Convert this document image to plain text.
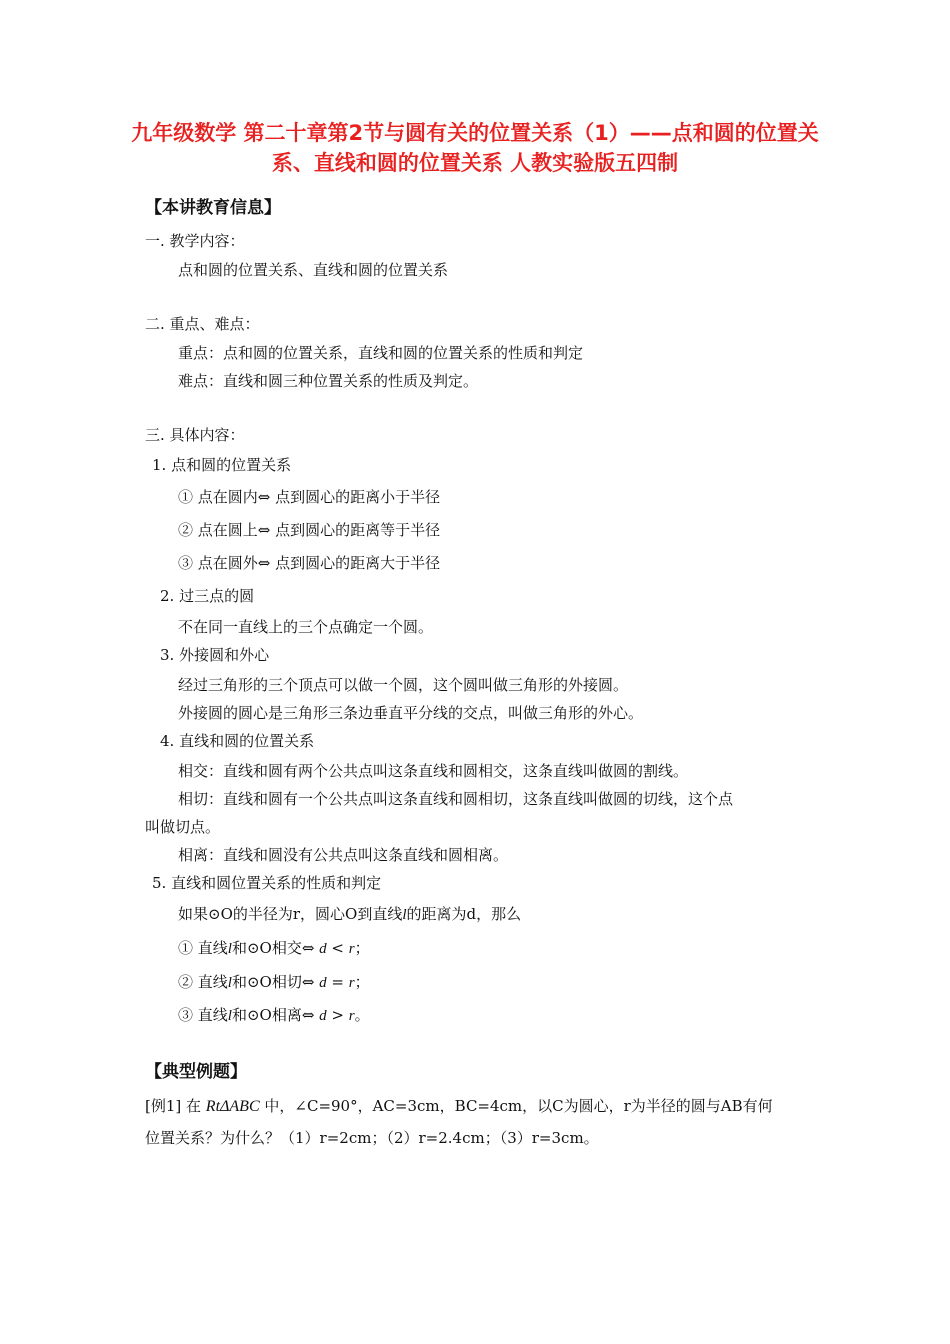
九年级数学 第二十章第2节与圆有关的位置关系（1）——点和圆的位置关系、直线和圆的位置关系 人教实验版五四制
【本讲教育信息】
一. 教学内容：
点和圆的位置关系、直线和圆的位置关系
二. 重点、难点：
重点：点和圆的位置关系，直线和圆的位置关系的性质和判定
难点：直线和圆三种位置关系的性质及判定。
三. 具体内容：
1. 点和圆的位置关系
① 点在圆内⇔ 点到圆心的距离小于半径
② 点在圆上⇔ 点到圆心的距离等于半径
③ 点在圆外⇔ 点到圆心的距离大于半径
2. 过三点的圆
不在同一直线上的三个点确定一个圆。
3. 外接圆和外心
经过三角形的三个顶点可以做一个圆，这个圆叫做三角形的外接圆。
外接圆的圆心是三角形三条边垂直平分线的交点，叫做三角形的外心。
4. 直线和圆的位置关系
相交：直线和圆有两个公共点叫这条直线和圆相交，这条直线叫做圆的割线。
相切：直线和圆有一个公共点叫这条直线和圆相切，这条直线叫做圆的切线，这个点
叫做切点。
相离：直线和圆没有公共点叫这条直线和圆相离。
5. 直线和圆位置关系的性质和判定
如果⊙O的半径为r，圆心O到直线l的距离为d，那么
① 直线l和⊙O相交⇔ d < r；
② 直线l和⊙O相切⇔ d = r；
③ 直线l和⊙O相离⇔ d > r。
【典型例题】
[例1] 在 RtΔABC 中，∠C=90°，AC=3cm，BC=4cm，以C为圆心，r为半径的圆与AB有何
位置关系？为什么？（1）r=2cm；（2）r=2.4cm；（3）r=3cm。
